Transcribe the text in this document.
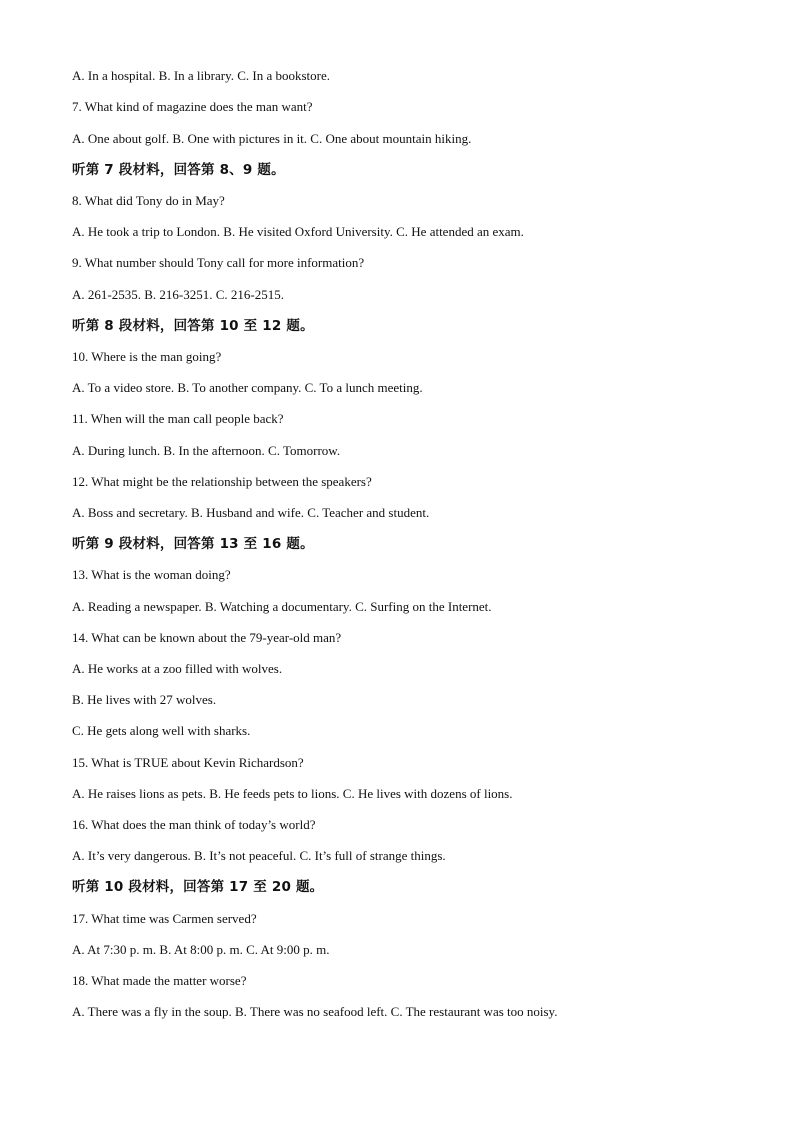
A. In a hospital. B. In a library. C. In a bookstore.
7. What kind of magazine does the man want?
A. One about golf. B. One with pictures in it. C. One about mountain hiking.
听第 7 段材料，回答第 8、9 题。
8. What did Tony do in May?
A. He took a trip to London. B. He visited Oxford University. C. He attended an exam.
9. What number should Tony call for more information?
A. 261-2535. B. 216-3251. C. 216-2515.
听第 8 段材料，回答第 10 至 12 题。
10. Where is the man going?
A. To a video store. B. To another company. C. To a lunch meeting.
11. When will the man call people back?
A. During lunch. B. In the afternoon. C. Tomorrow.
12. What might be the relationship between the speakers?
A. Boss and secretary. B. Husband and wife. C. Teacher and student.
听第 9 段材料，回答第 13 至 16 题。
13. What is the woman doing?
A. Reading a newspaper. B. Watching a documentary. C. Surfing on the Internet.
14. What can be known about the 79-year-old man?
A. He works at a zoo filled with wolves.
B. He lives with 27 wolves.
C. He gets along well with sharks.
15. What is TRUE about Kevin Richardson?
A. He raises lions as pets. B. He feeds pets to lions. C. He lives with dozens of lions.
16. What does the man think of today’s world?
A. It’s very dangerous. B. It’s not peaceful. C. It’s full of strange things.
听第 10 段材料，回答第 17 至 20 题。
17. What time was Carmen served?
A. At 7:30 p. m. B. At 8:00 p. m. C. At 9:00 p. m.
18. What made the matter worse?
A. There was a fly in the soup. B. There was no seafood left. C. The restaurant was too noisy.
